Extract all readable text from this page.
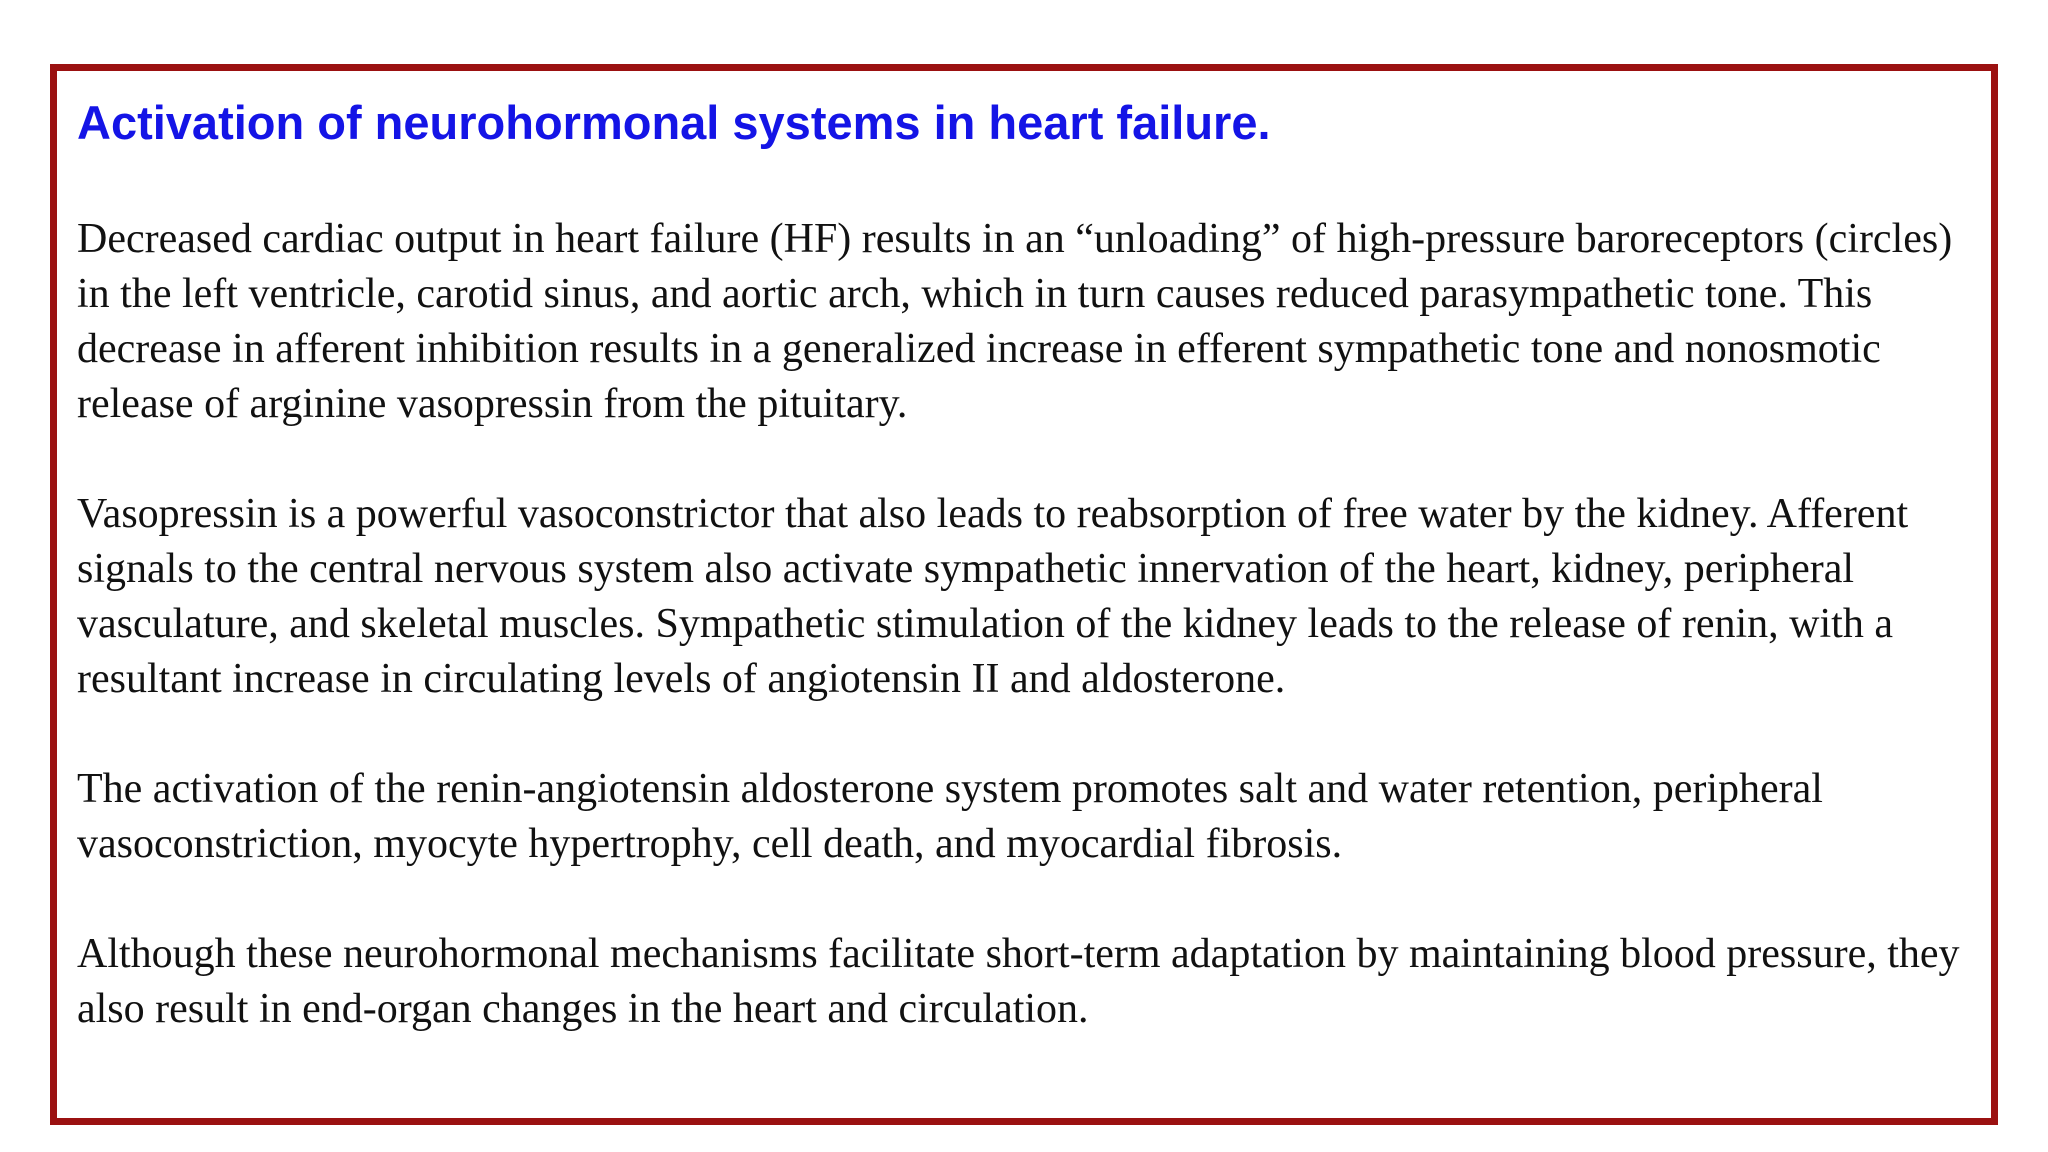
Activation of neurohormonal systems in heart failure.

Decreased cardiac output in heart failure (HF) results in an “unloading” of high-pressure baroreceptors (circles) in the left ventricle, carotid sinus, and aortic arch, which in turn causes reduced parasympathetic tone. This decrease in afferent inhibition results in a generalized increase in efferent sympathetic tone and nonosmotic release of arginine vasopressin from the pituitary.

Vasopressin is a powerful vasoconstrictor that also leads to reabsorption of free water by the kidney. Afferent signals to the central nervous system also activate sympathetic innervation of the heart, kidney, peripheral vasculature, and skeletal muscles. Sympathetic stimulation of the kidney leads to the release of renin, with a resultant increase in circulating levels of angiotensin II and aldosterone.

The activation of the renin-angiotensin aldosterone system promotes salt and water retention, peripheral vasoconstriction, myocyte hypertrophy, cell death, and myocardial fibrosis.

Although these neurohormonal mechanisms facilitate short-term adaptation by maintaining blood pressure, they also result in end-organ changes in the heart and circulation.
